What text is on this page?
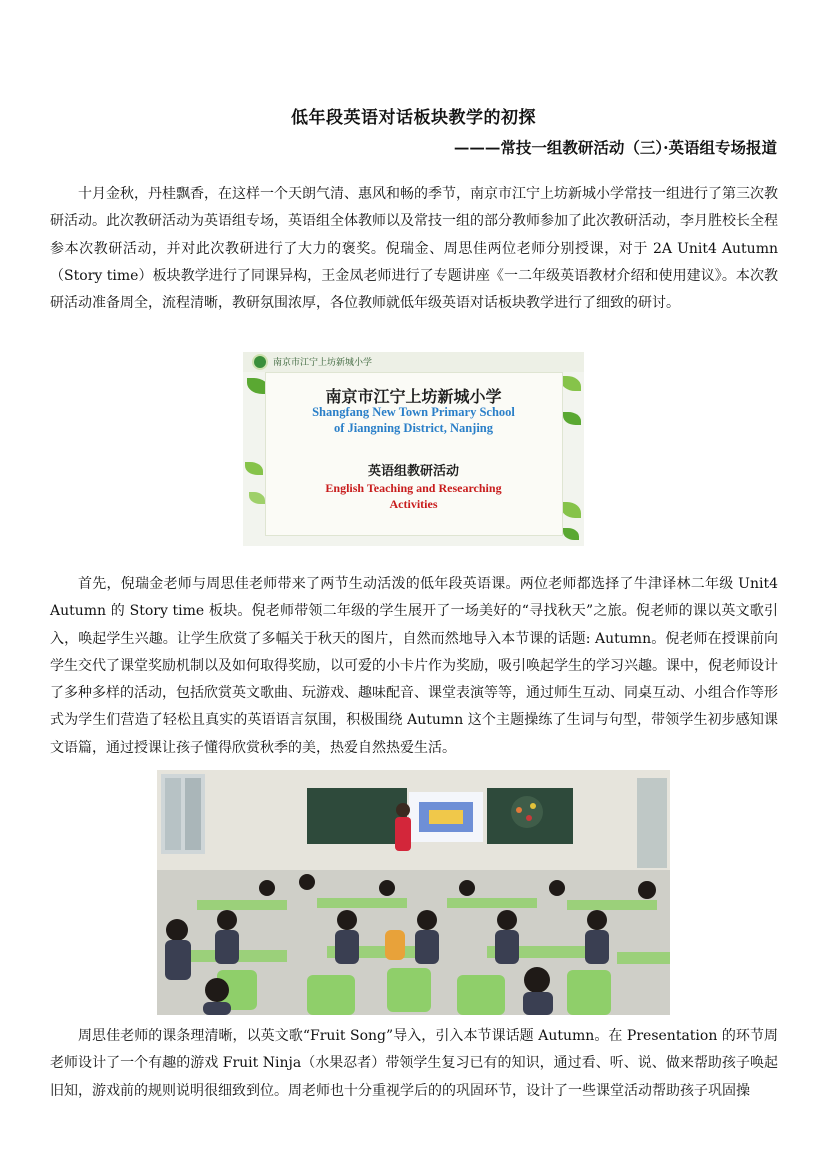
低年段英语对话板块教学的初探
———常技一组教研活动（三）·英语组专场报道

十月金秋，丹桂飘香，在这样一个天朗气清、惠风和畅的季节，南京市江宁上坊新城小学常技一组进行了第三次教研活动。此次教研活动为英语组专场，英语组全体教师以及常技一组的部分教师参加了此次教研活动，李月胜校长全程参本次教研活动，并对此次教研进行了大力的褒奖。倪瑞金、周思佳两位老师分别授课，对于 2A Unit4 Autumn（Story time）板块教学进行了同课异构，王金凤老师进行了专题讲座《一二年级英语教材介绍和使用建议》。本次教研活动准备周全，流程清晰，教研氛围浓厚，各位教师就低年级英语对话板块教学进行了细致的研讨。

南京市江宁上坊新城小学
南京市江宁上坊新城小学
Shangfang New Town Primary School
of Jiangning District, Nanjing
英语组教研活动
English Teaching and Researching
Activities

首先，倪瑞金老师与周思佳老师带来了两节生动活泼的低年段英语课。两位老师都选择了牛津译林二年级 Unit4 Autumn 的 Story time 板块。倪老师带领二年级的学生展开了一场美好的“寻找秋天”之旅。倪老师的课以英文歌引入，唤起学生兴趣。让学生欣赏了多幅关于秋天的图片，自然而然地导入本节课的话题: Autumn。倪老师在授课前向学生交代了课堂奖励机制以及如何取得奖励，以可爱的小卡片作为奖励，吸引唤起学生的学习兴趣。课中，倪老师设计了多种多样的活动，包括欣赏英文歌曲、玩游戏、趣味配音、课堂表演等等，通过师生互动、同桌互动、小组合作等形式为学生们营造了轻松且真实的英语语言氛围，积极围绕 Autumn 这个主题操练了生词与句型，带领学生初步感知课文语篇，通过授课让孩子懂得欣赏秋季的美，热爱自然热爱生活。

周思佳老师的课条理清晰，以英文歌“Fruit Song”导入，引入本节课话题 Autumn。在 Presentation 的环节周老师设计了一个有趣的游戏 Fruit Ninja（水果忍者）带领学生复习已有的知识，通过看、听、说、做来帮助孩子唤起旧知，游戏前的规则说明很细致到位。周老师也十分重视学后的的巩固环节，设计了一些课堂活动帮助孩子巩固操
